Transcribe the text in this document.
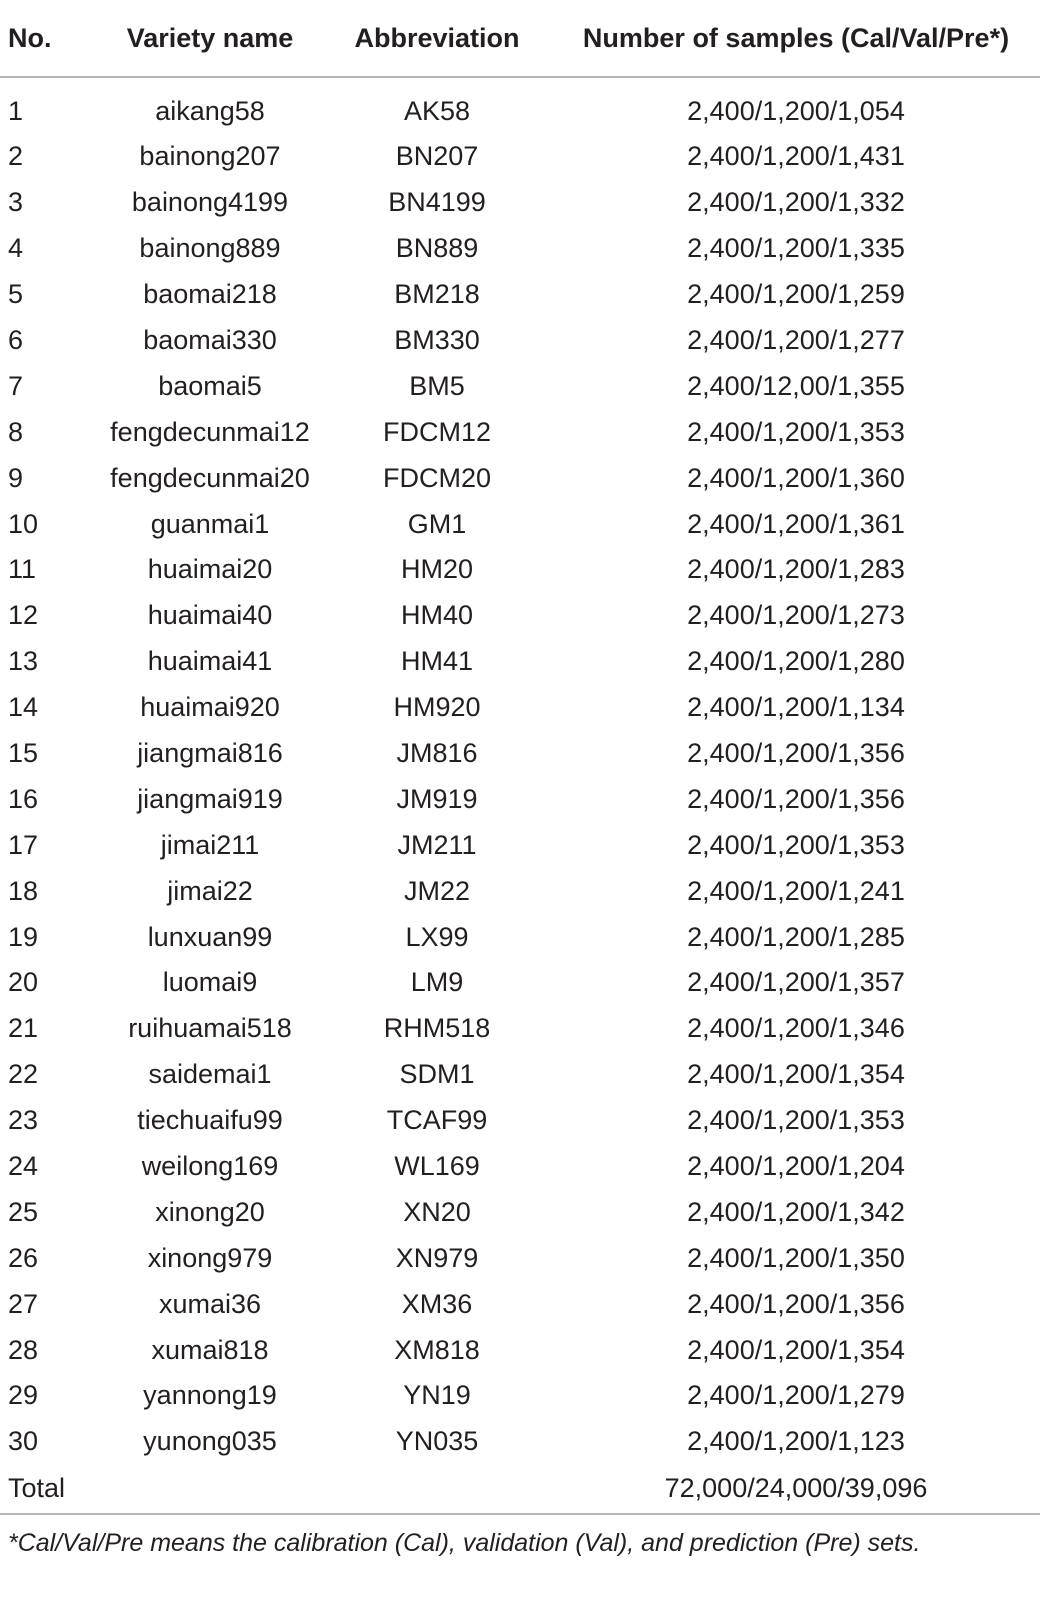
No.	Variety name	Abbreviation	Number of samples (Cal/Val/Pre*)
1	aikang58	AK58	2,400/1,200/1,054
2	bainong207	BN207	2,400/1,200/1,431
3	bainong4199	BN4199	2,400/1,200/1,332
4	bainong889	BN889	2,400/1,200/1,335
5	baomai218	BM218	2,400/1,200/1,259
6	baomai330	BM330	2,400/1,200/1,277
7	baomai5	BM5	2,400/12,00/1,355
8	fengdecunmai12	FDCM12	2,400/1,200/1,353
9	fengdecunmai20	FDCM20	2,400/1,200/1,360
10	guanmai1	GM1	2,400/1,200/1,361
11	huaimai20	HM20	2,400/1,200/1,283
12	huaimai40	HM40	2,400/1,200/1,273
13	huaimai41	HM41	2,400/1,200/1,280
14	huaimai920	HM920	2,400/1,200/1,134
15	jiangmai816	JM816	2,400/1,200/1,356
16	jiangmai919	JM919	2,400/1,200/1,356
17	jimai211	JM211	2,400/1,200/1,353
18	jimai22	JM22	2,400/1,200/1,241
19	lunxuan99	LX99	2,400/1,200/1,285
20	luomai9	LM9	2,400/1,200/1,357
21	ruihuamai518	RHM518	2,400/1,200/1,346
22	saidemai1	SDM1	2,400/1,200/1,354
23	tiechuaifu99	TCAF99	2,400/1,200/1,353
24	weilong169	WL169	2,400/1,200/1,204
25	xinong20	XN20	2,400/1,200/1,342
26	xinong979	XN979	2,400/1,200/1,350
27	xumai36	XM36	2,400/1,200/1,356
28	xumai818	XM818	2,400/1,200/1,354
29	yannong19	YN19	2,400/1,200/1,279
30	yunong035	YN035	2,400/1,200/1,123
Total			72,000/24,000/39,096
*Cal/Val/Pre means the calibration (Cal), validation (Val), and prediction (Pre) sets.
